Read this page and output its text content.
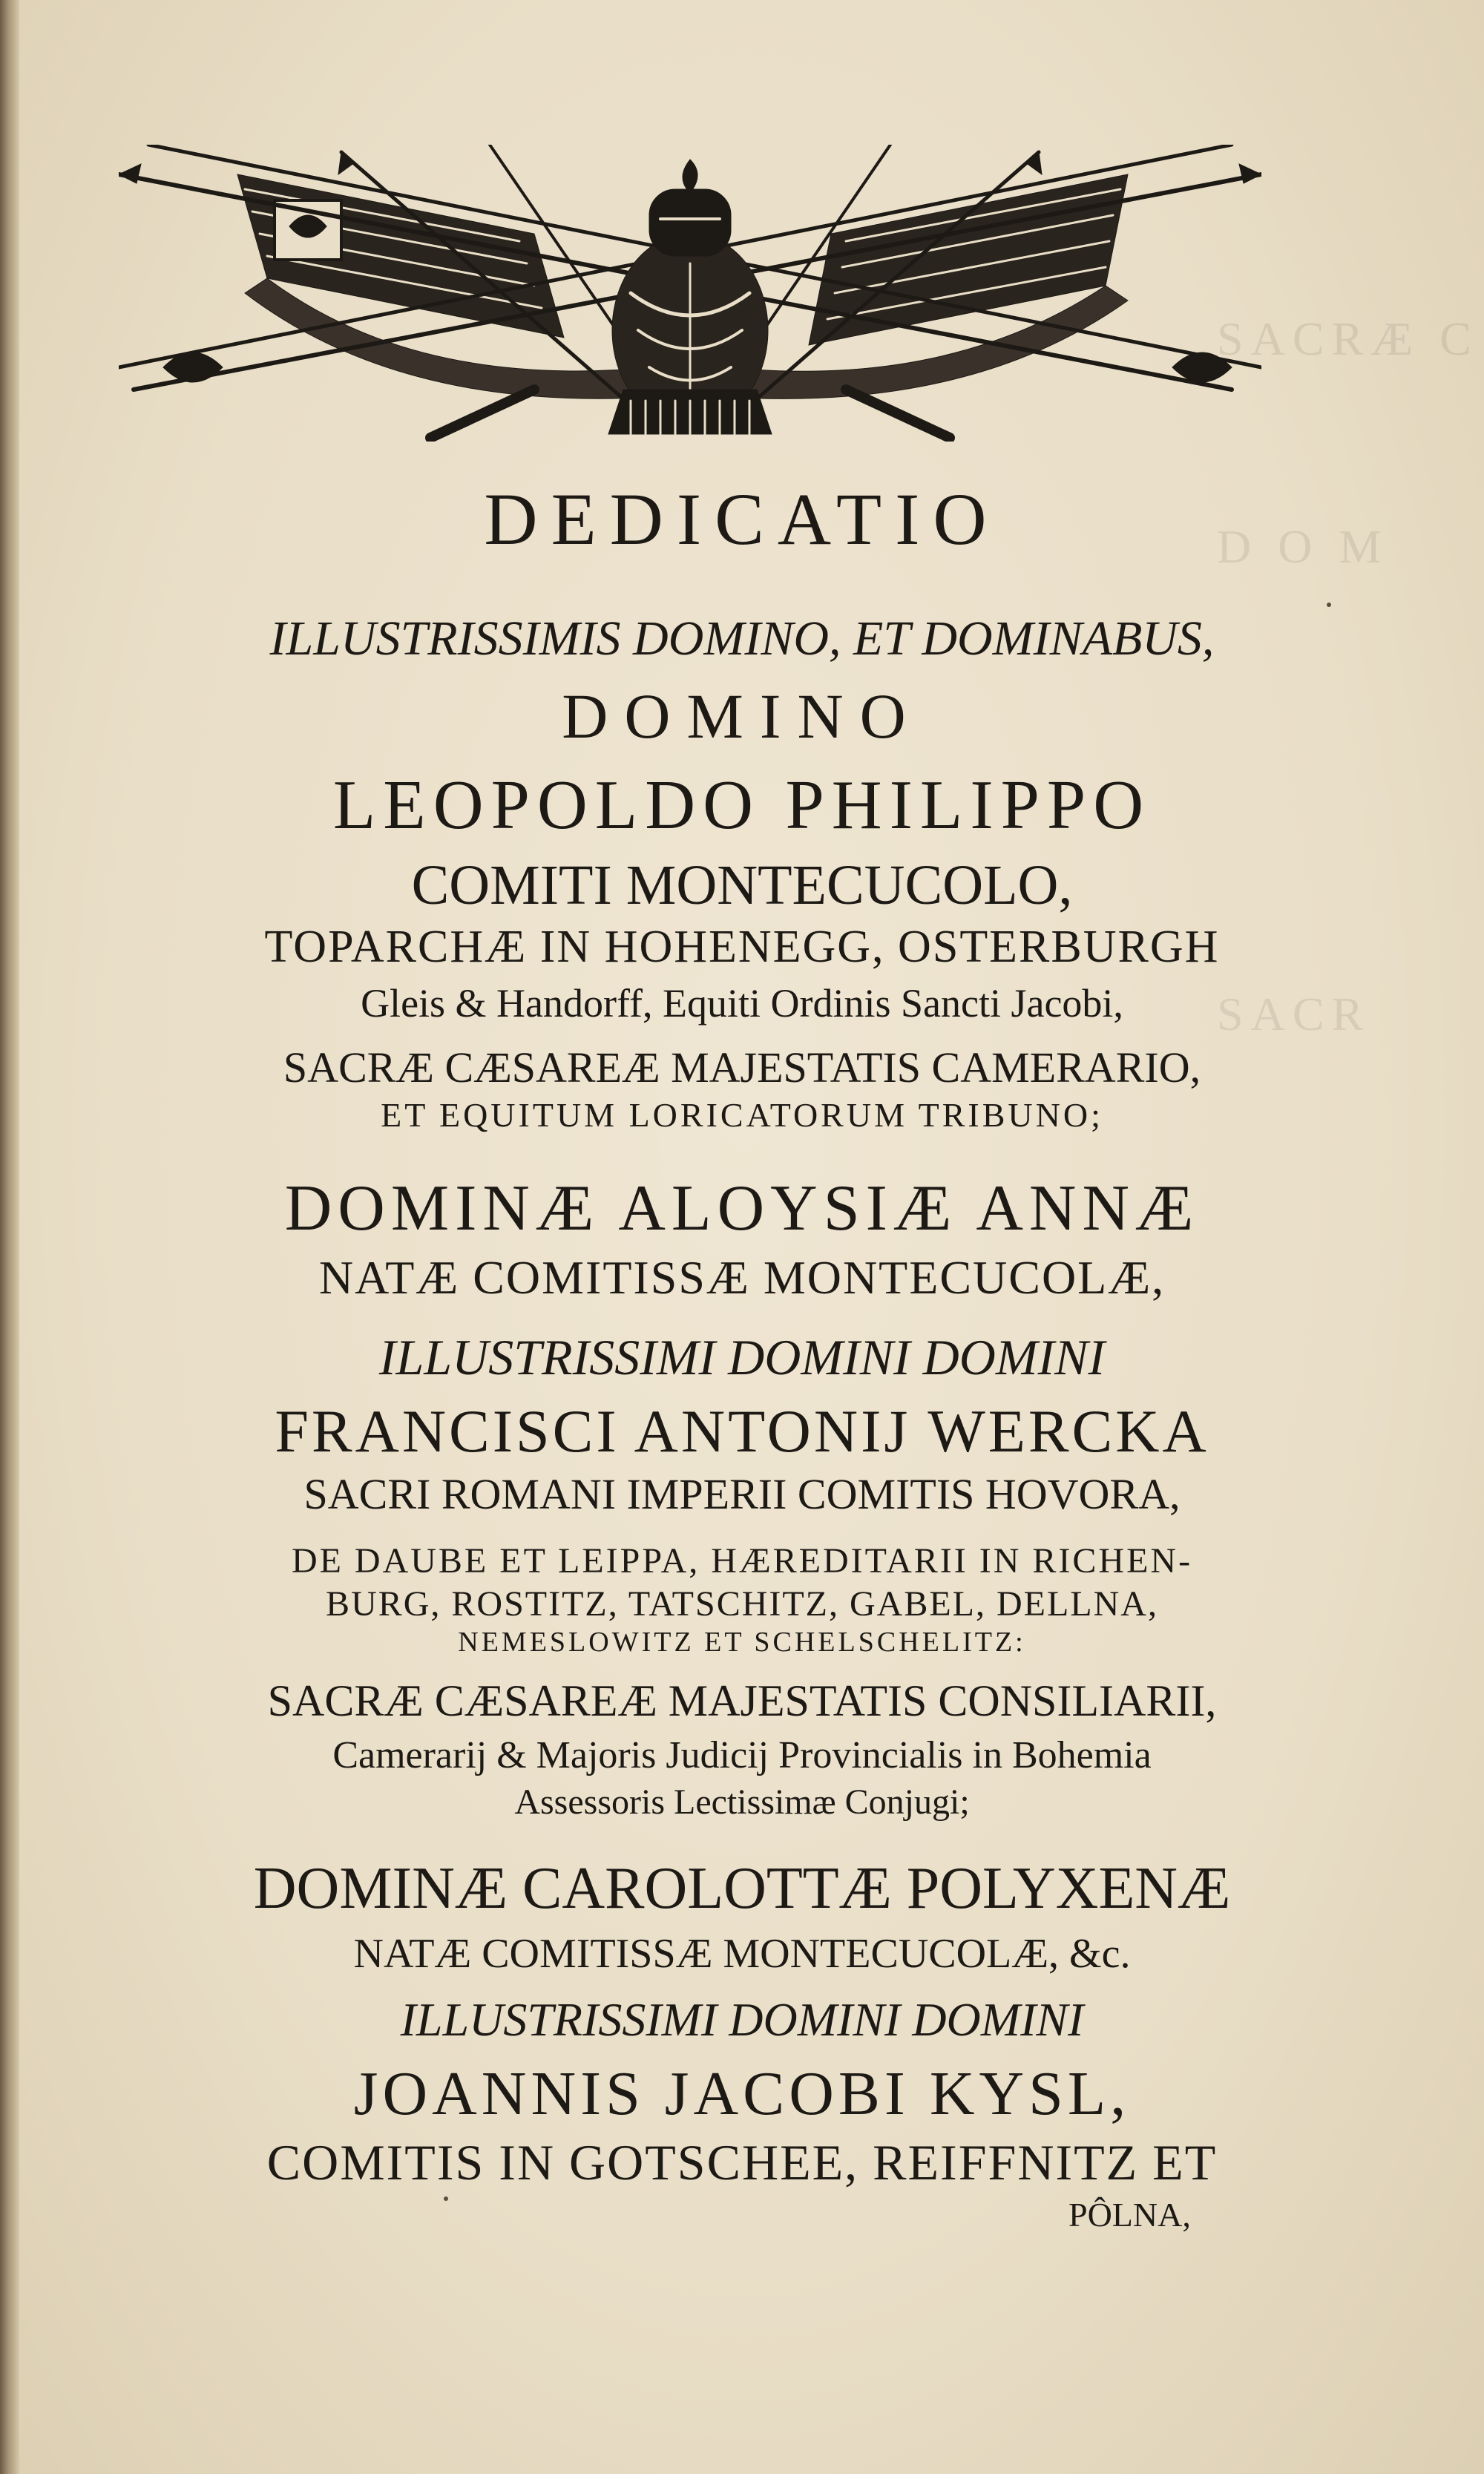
SACRÆ C
D O M
SACR
DEDICATIO
ILLUSTRISSIMIS DOMINO, ET DOMINABUS,
DOMINO
LEOPOLDO PHILIPPO
COMITI MONTECUCOLO,
TOPARCHÆ IN HOHENEGG, OSTERBURGH
Gleis & Handorff, Equiti Ordinis Sancti Jacobi,
SACRÆ CÆSAREÆ MAJESTATIS CAMERARIO,
ET EQUITUM LORICATORUM TRIBUNO;
DOMINÆ ALOYSIÆ ANNÆ
NATÆ COMITISSÆ MONTECUCOLÆ,
ILLUSTRISSIMI DOMINI DOMINI
FRANCISCI ANTONIJ WERCKA
SACRI ROMANI IMPERII COMITIS HOVORA,
DE DAUBE ET LEIPPA, HÆREDITARII IN RICHEN-
BURG, ROSTITZ, TATSCHITZ, GABEL, DELLNA,
NEMESLOWITZ ET SCHELSCHELITZ:
SACRÆ CÆSAREÆ MAJESTATIS CONSILIARII,
Camerarij & Majoris Judicij Provincialis in Bohemia
Assessoris Lectissimæ Conjugi;
DOMINÆ CAROLOTTÆ POLYXENÆ
NATÆ COMITISSÆ MONTECUCOLÆ, &c.
ILLUSTRISSIMI DOMINI DOMINI
JOANNIS JACOBI KYSL,
COMITIS IN GOTSCHEE, REIFFNITZ ET
PÔLNA,
